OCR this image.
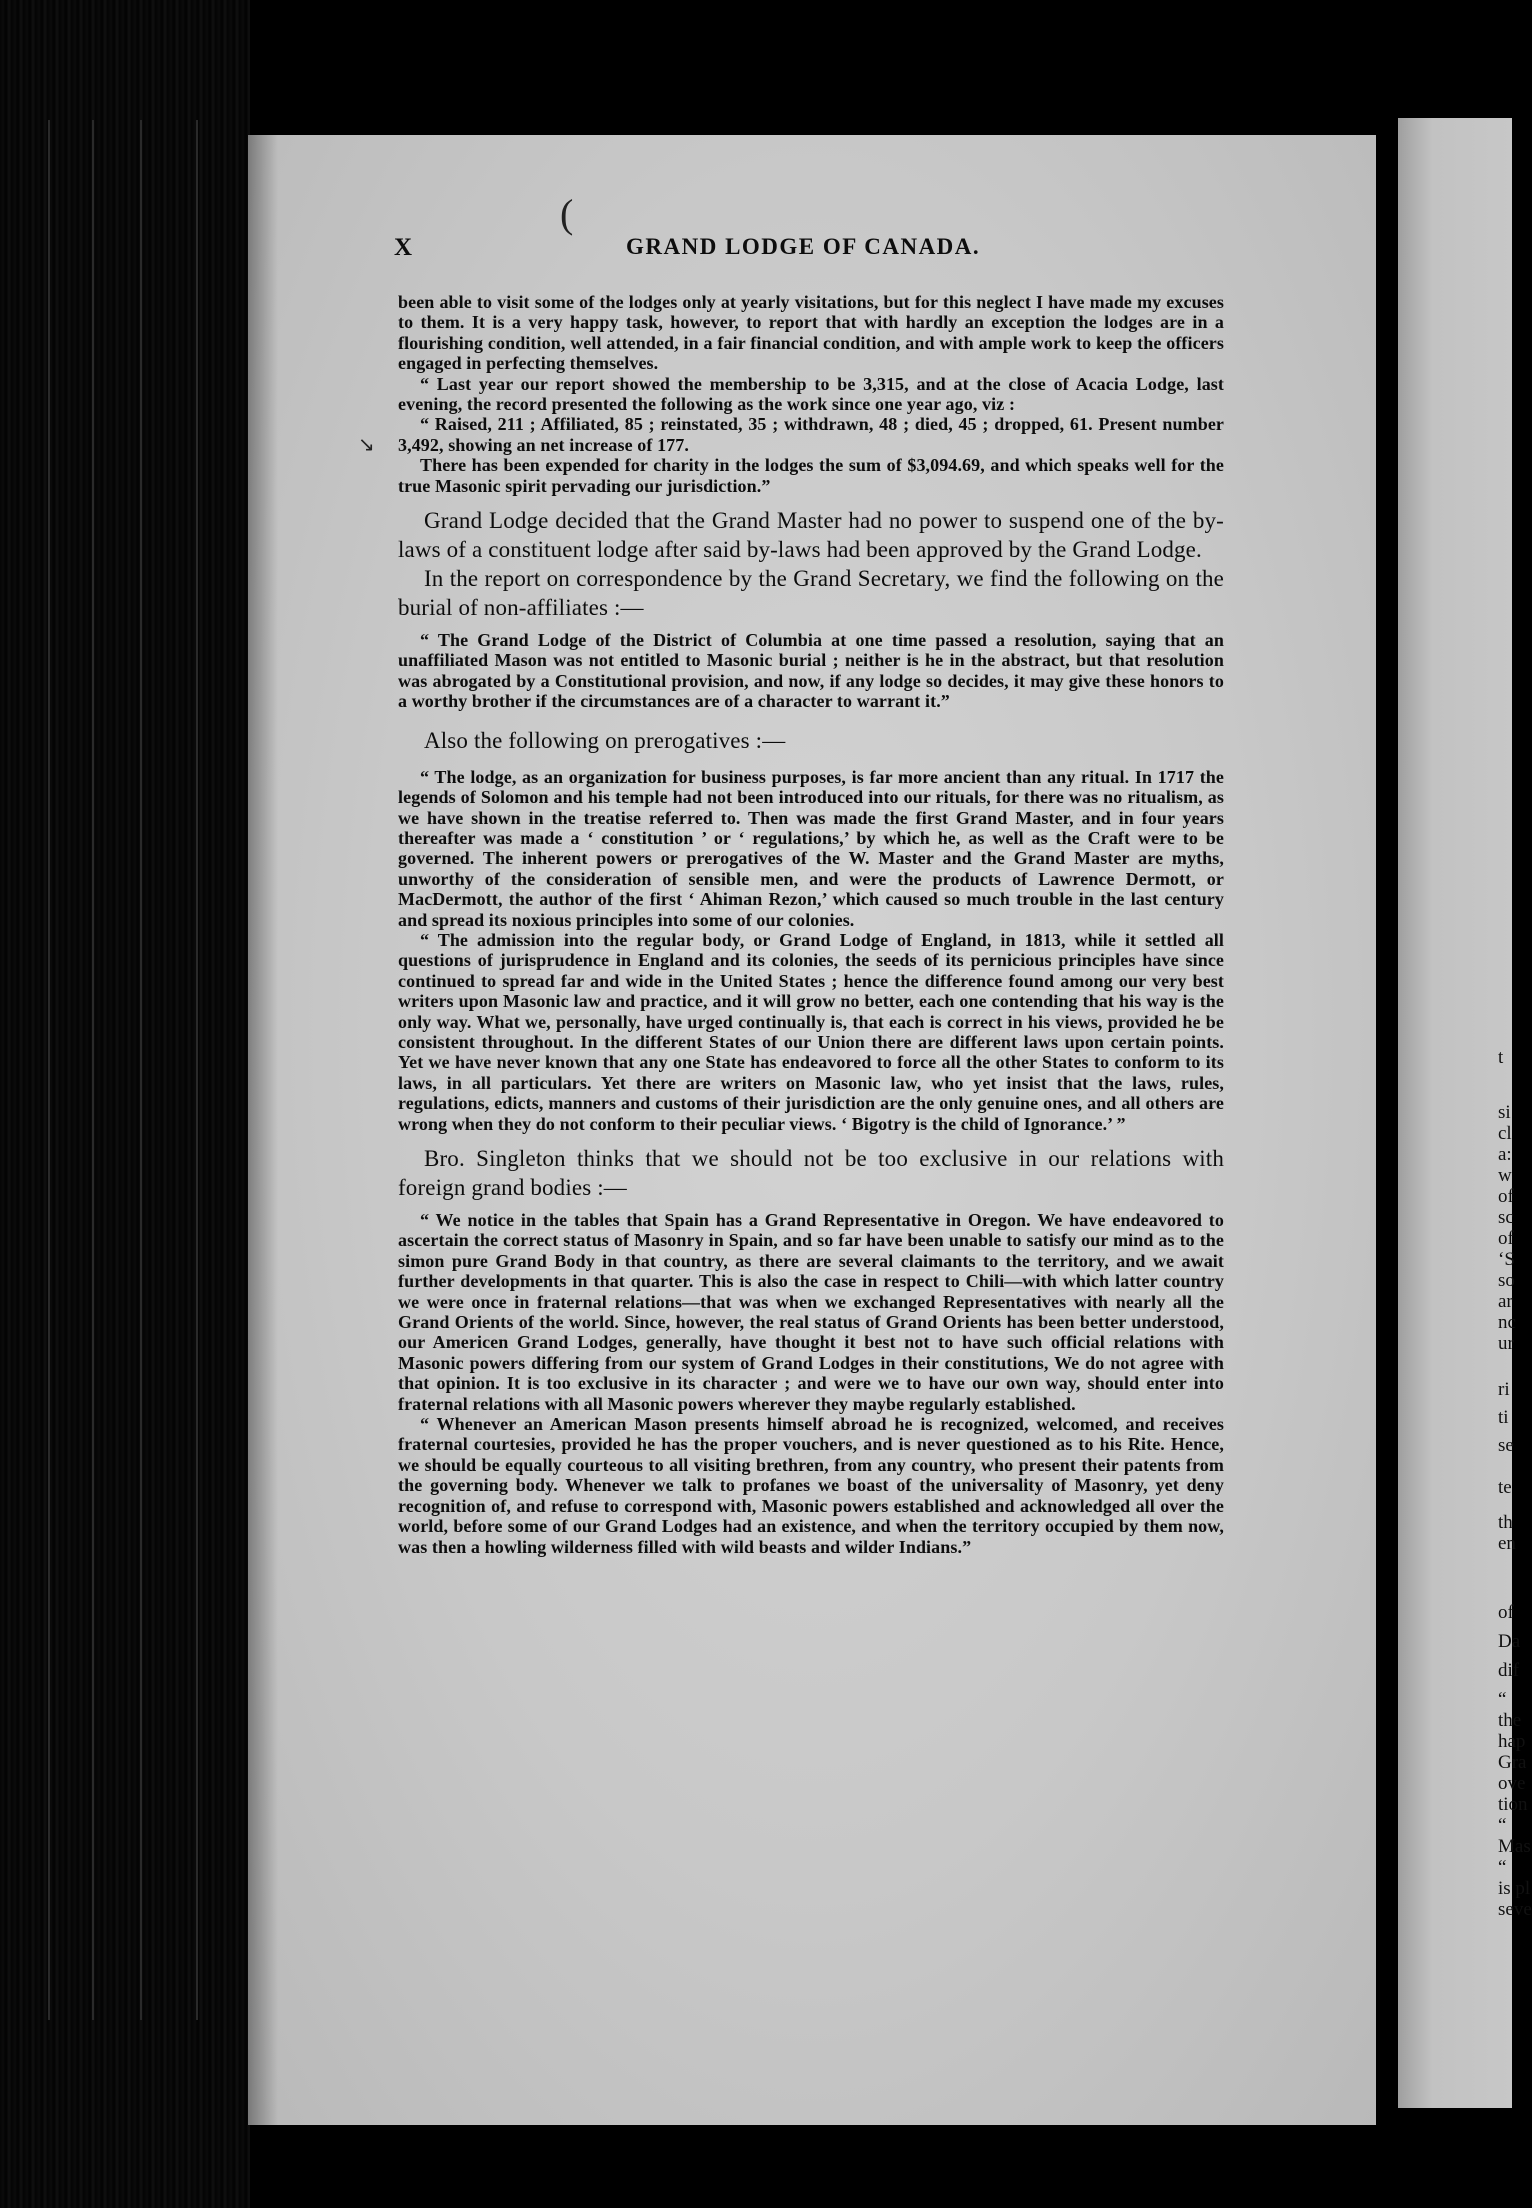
t
si
cl
a:
w
of
sc
of
‘S
so
ar
nc
ur
ri
ti
se
te
th
en
of
Da
dif
“
the
hap
Gra
ove
tion
“
Mas
“
is pl
seve
(
↘
X	GRAND LODGE OF CANADA.

been able to visit some of the lodges only at yearly visitations, but for this neglect I have made my excuses to them. It is a very happy task, however, to report that with hardly an exception the lodges are in a flourishing condition, well attended, in a fair financial condition, and with ample work to keep the officers engaged in perfecting themselves.

“ Last year our report showed the membership to be 3,315, and at the close of Acacia Lodge, last evening, the record presented the following as the work since one year ago, viz :

“ Raised, 211 ; Affiliated, 85 ; reinstated, 35 ; withdrawn, 48 ; died, 45 ; dropped, 61. Present number 3,492, showing an net increase of 177.

There has been expended for charity in the lodges the sum of $3,094.69, and which speaks well for the true Masonic spirit pervading our jurisdiction.”

Grand Lodge decided that the Grand Master had no power to suspend one of the by-laws of a constituent lodge after said by-laws had been approved by the Grand Lodge.

In the report on correspondence by the Grand Secretary, we find the following on the burial of non-affiliates :—

“ The Grand Lodge of the District of Columbia at one time passed a resolution, saying that an unaffiliated Mason was not entitled to Masonic burial ; neither is he in the abstract, but that resolution was abrogated by a Constitutional provision, and now, if any lodge so decides, it may give these honors to a worthy brother if the circumstances are of a character to warrant it.”

Also the following on prerogatives :—

“ The lodge, as an organization for business purposes, is far more ancient than any ritual. In 1717 the legends of Solomon and his temple had not been introduced into our rituals, for there was no ritualism, as we have shown in the treatise referred to. Then was made the first Grand Master, and in four years thereafter was made a ‘ constitution ’ or ‘ regulations,’ by which he, as well as the Craft were to be governed. The inherent powers or prerogatives of the W. Master and the Grand Master are myths, unworthy of the consideration of sensible men, and were the products of Lawrence Dermott, or MacDermott, the author of the first ‘ Ahiman Rezon,’ which caused so much trouble in the last century and spread its noxious principles into some of our colonies.

“ The admission into the regular body, or Grand Lodge of England, in 1813, while it settled all questions of jurisprudence in England and its colonies, the seeds of its pernicious principles have since continued to spread far and wide in the United States ; hence the difference found among our very best writers upon Masonic law and practice, and it will grow no better, each one contending that his way is the only way. What we, personally, have urged continually is, that each is correct in his views, provided he be consistent throughout. In the different States of our Union there are different laws upon certain points. Yet we have never known that any one State has endeavored to force all the other States to conform to its laws, in all particulars. Yet there are writers on Masonic law, who yet insist that the laws, rules, regulations, edicts, manners and customs of their jurisdiction are the only genuine ones, and all others are wrong when they do not conform to their peculiar views. ‘ Bigotry is the child of Ignorance.’ ”

Bro. Singleton thinks that we should not be too exclusive in our relations with foreign grand bodies :—

“ We notice in the tables that Spain has a Grand Representative in Oregon. We have endeavored to ascertain the correct status of Masonry in Spain, and so far have been unable to satisfy our mind as to the simon pure Grand Body in that country, as there are several claimants to the territory, and we await further developments in that quarter. This is also the case in respect to Chili—with which latter country we were once in fraternal relations—that was when we exchanged Representatives with nearly all the Grand Orients of the world. Since, however, the real status of Grand Orients has been better understood, our Americen Grand Lodges, generally, have thought it best not to have such official relations with Masonic powers differing from our system of Grand Lodges in their constitutions, We do not agree with that opinion. It is too exclusive in its character ; and were we to have our own way, should enter into fraternal relations with all Masonic powers wherever they maybe regularly established.

“ Whenever an American Mason presents himself abroad he is recognized, welcomed, and receives fraternal courtesies, provided he has the proper vouchers, and is never questioned as to his Rite. Hence, we should be equally courteous to all visiting brethren, from any country, who present their patents from the governing body. Whenever we talk to profanes we boast of the universality of Masonry, yet deny recognition of, and refuse to correspond with, Masonic powers established and acknowledged all over the world, before some of our Grand Lodges had an existence, and when the territory occupied by them now, was then a howling wilderness filled with wild beasts and wilder Indians.”
